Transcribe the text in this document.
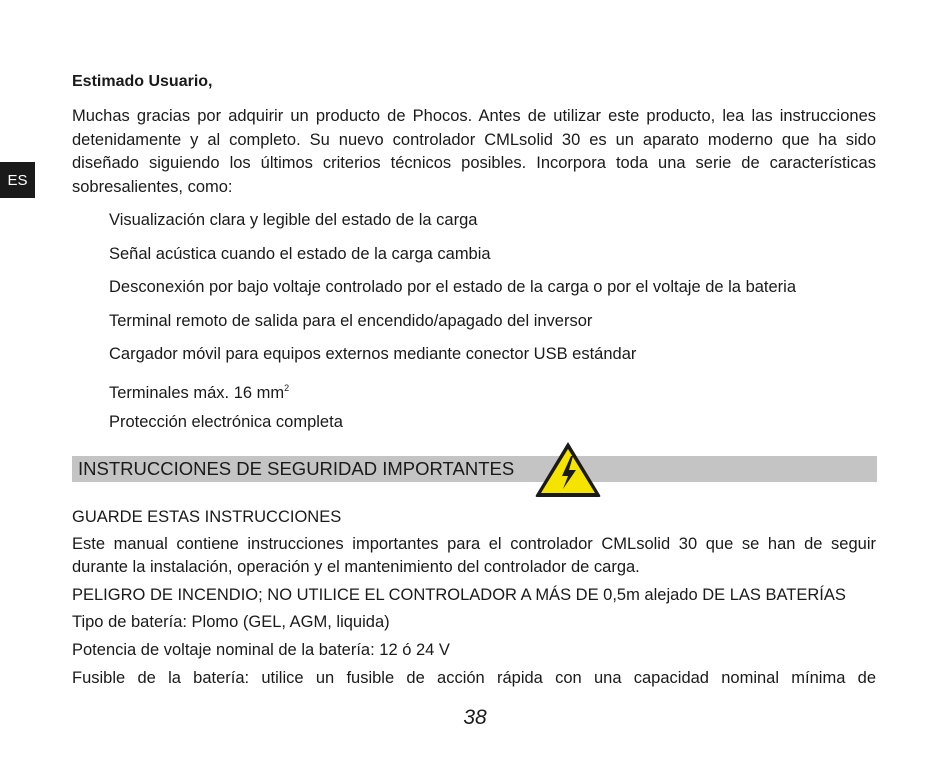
ES
Estimado Usuario,

Muchas gracias por adquirir un producto de Phocos. Antes de utilizar este producto, lea las instrucciones detenidamente y al completo. Su nuevo controlador CMLsolid 30 es un aparato moderno que ha sido diseñado siguiendo los últimos criterios técnicos posibles. Incorpora toda una serie de características sobresalientes, como:

Visualización clara y legible del estado de la carga
Señal acústica cuando el estado de la carga cambia
Desconexión por bajo voltaje controlado por el estado de la carga o por el voltaje de la bateria
Terminal remoto de salida para el encendido/apagado del inversor
Cargador móvil para equipos externos mediante conector USB estándar
Terminales máx. 16 $mm^2$
Protección electrónica completa
INSTRUCCIONES DE SEGURIDAD IMPORTANTES
GUARDE ESTAS INSTRUCCIONES

Este manual contiene instrucciones importantes para el controlador CMLsolid 30 que se han de seguir durante la instalación, operación y el mantenimiento del controlador de carga.

PELIGRO DE INCENDIO; NO UTILICE EL CONTROLADOR A MÁS DE 0,5m alejado DE LAS BATERÍAS
Tipo de batería: Plomo (GEL, AGM, liquida)
Potencia de voltaje nominal de la batería: 12 ó 24 V
Fusible de la batería: utilice un fusible de acción rápida con una capacidad nominal mínima de
38
